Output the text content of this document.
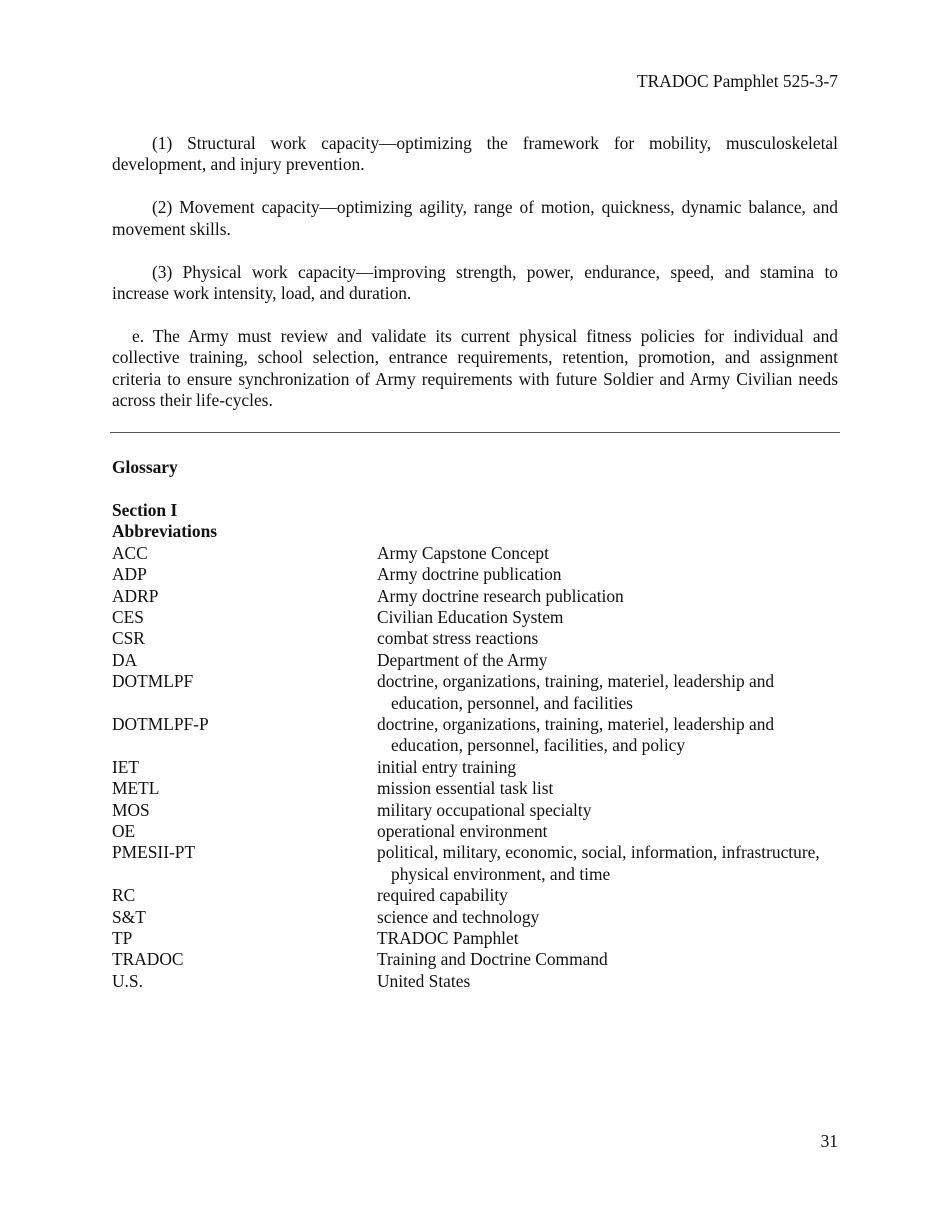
TRADOC Pamphlet 525-3-7

(1) Structural work capacity—optimizing the framework for mobility, musculoskeletal development, and injury prevention.

(2) Movement capacity—optimizing agility, range of motion, quickness, dynamic balance, and movement skills.

(3) Physical work capacity—improving strength, power, endurance, speed, and stamina to increase work intensity, load, and duration.

e. The Army must review and validate its current physical fitness policies for individual and collective training, school selection, entrance requirements, retention, promotion, and assignment criteria to ensure synchronization of Army requirements with future Soldier and Army Civilian needs across their life-cycles.

Glossary
Section I
Abbreviations
ACC	Army Capstone Concept
ADP	Army doctrine publication
ADRP	Army doctrine research publication
CES	Civilian Education System
CSR	combat stress reactions
DA	Department of the Army
DOTMLPF	doctrine, organizations, training, materiel, leadership and education, personnel, and facilities
DOTMLPF-P	doctrine, organizations, training, materiel, leadership and education, personnel, facilities, and policy
IET	initial entry training
METL	mission essential task list
MOS	military occupational specialty
OE	operational environment
PMESII-PT	political, military, economic, social, information, infrastructure, physical environment, and time
RC	required capability
S&T	science and technology
TP	TRADOC Pamphlet
TRADOC	Training and Doctrine Command
U.S.	United States
31
